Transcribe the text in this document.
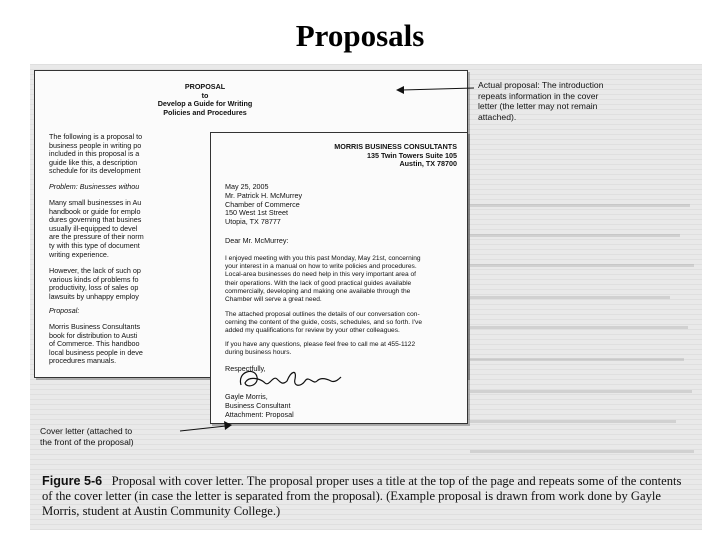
Proposals

PROPOSAL
to
Develop a Guide for Writing
Policies and Procedures

The following is a proposal to
business people in writing po
included in this proposal is a
guide like this, a description
schedule for its development

Problem: Businesses withou

Many small businesses in Au
handbook or guide for emplo
dures governing that busines
usually ill-equipped to devel
are the pressure of their norm
ty with this type of document
writing experience.

However, the lack of such op
various kinds of problems fo
productivity, loss of sales op
lawsuits by unhappy employ

Proposal:

Morris Business Consultants
book for distribution to Austi
of Commerce. This handboo
local business people in deve
procedures manuals.

MORRIS BUSINESS CONSULTANTS
135 Twin Towers Suite 105
Austin, TX 78700

May 25, 2005

Mr. Patrick H. McMurrey
Chamber of Commerce
150 West 1st Street
Utopia, TX 78777

Dear Mr. McMurrey:

I enjoyed meeting with you this past Monday, May 21st, concerning
your interest in a manual on how to write policies and procedures.
Local-area businesses do need help in this very important area of
their operations. With the lack of good practical guides available
commercially, developing and making one available through the
Chamber will serve a great need.

The attached proposal outlines the details of our conversation con-
cerning the content of the guide, costs, schedules, and so forth. I've
added my qualifications for review by your other colleagues.

If you have any questions, please feel free to call me at 455-1122
during business hours.

Respectfully,

Gayle Morris,
Business Consultant

Attachment: Proposal

Actual proposal: The introduction
repeats information in the cover
letter (the letter may not remain
attached).

Cover letter (attached to
the front of the proposal)

Figure 5-6 Proposal with cover letter. The proposal proper uses a title at the top of the page and repeats some of the contents of the cover letter (in case the letter is separated from the proposal). (Example proposal is drawn from work done by Gayle Morris, student at Austin Community College.)
